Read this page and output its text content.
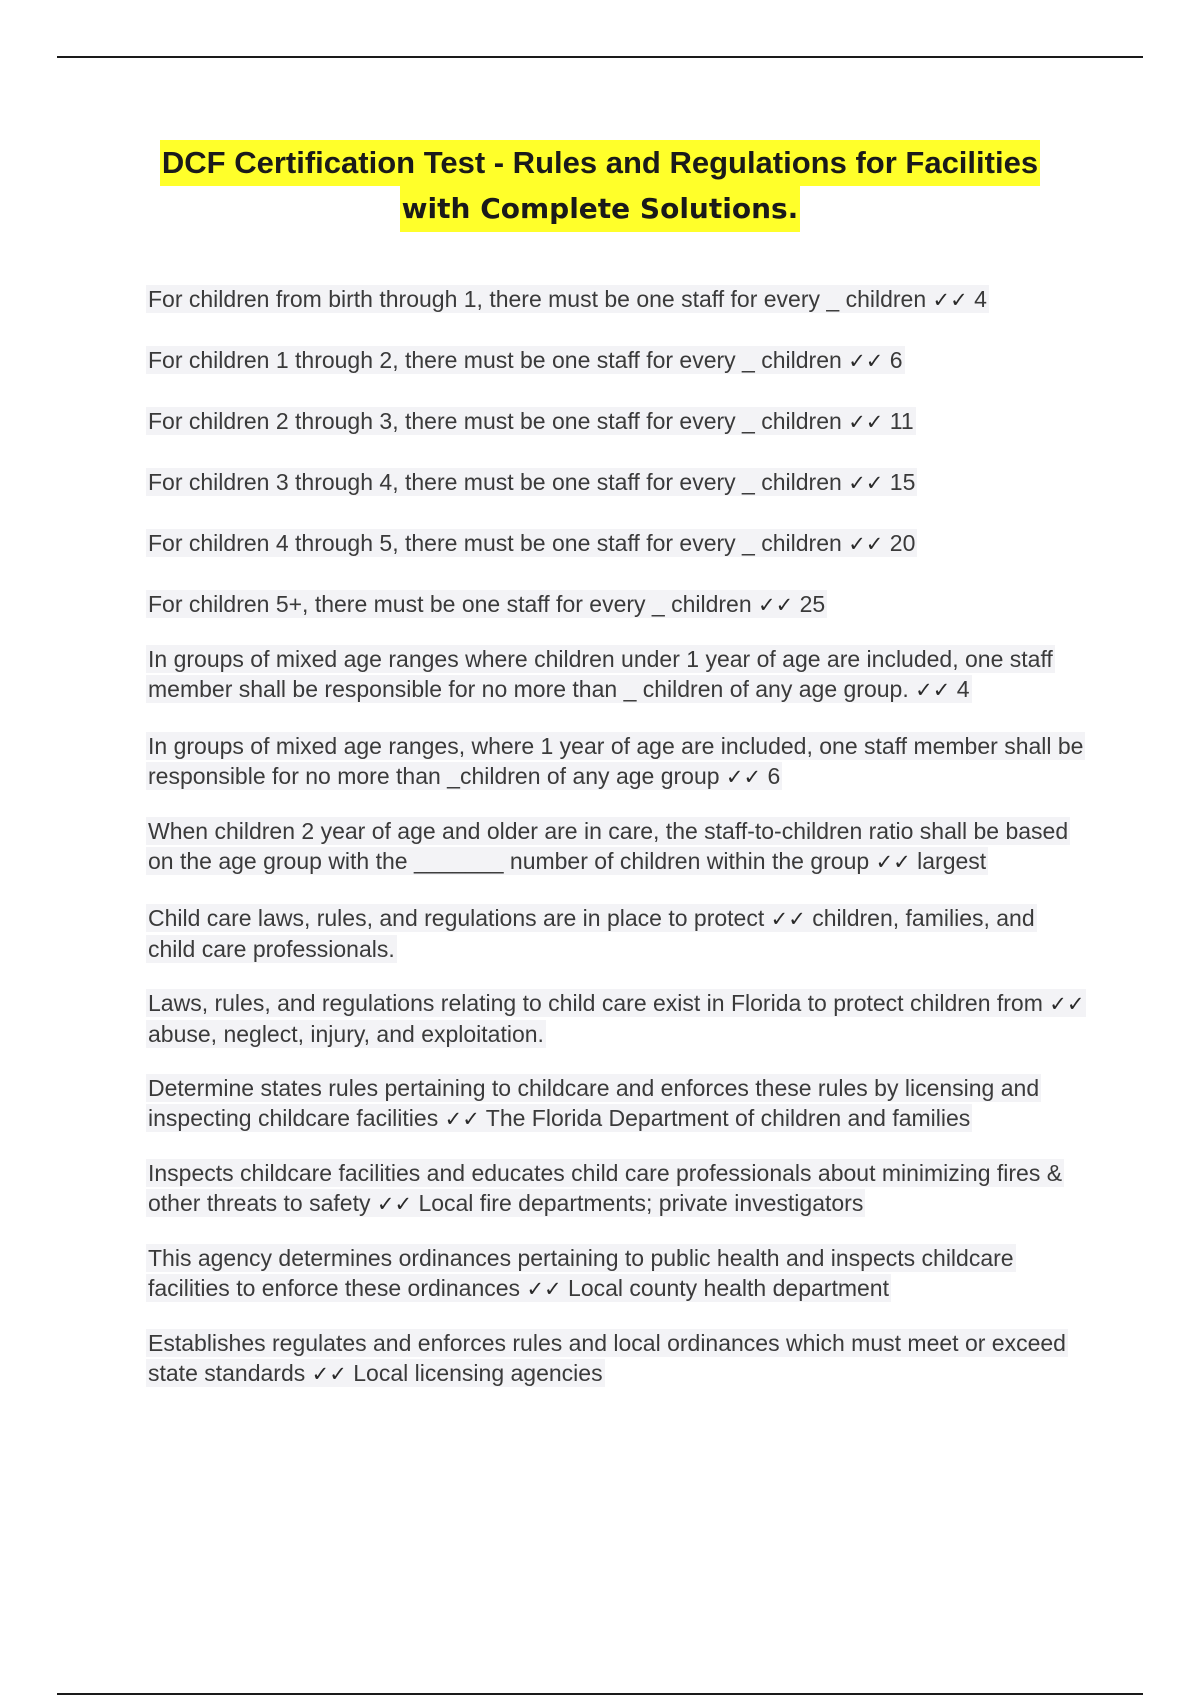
DCF Certification Test - Rules and Regulations for Facilities
with Complete Solutions.
For children from birth through 1, there must be one staff for every _ children ✓✓ 4
For children 1 through 2, there must be one staff for every _ children ✓✓ 6
For children 2 through 3, there must be one staff for every _ children ✓✓ 11
For children 3 through 4, there must be one staff for every _ children ✓✓ 15
For children 4 through 5, there must be one staff for every _ children ✓✓ 20
For children 5+, there must be one staff for every _ children ✓✓ 25
In groups of mixed age ranges where children under 1 year of age are included, one staff member shall be responsible for no more than _ children of any age group. ✓✓ 4
In groups of mixed age ranges, where 1 year of age are included, one staff member shall be responsible for no more than _children of any age group ✓✓ 6
When children 2 year of age and older are in care, the staff-to-children ratio shall be based on the age group with the _______ number of children within the group ✓✓ largest
Child care laws, rules, and regulations are in place to protect ✓✓ children, families, and child care professionals.
Laws, rules, and regulations relating to child care exist in Florida to protect children from ✓✓ abuse, neglect, injury, and exploitation.
Determine states rules pertaining to childcare and enforces these rules by licensing and inspecting childcare facilities ✓✓ The Florida Department of children and families
Inspects childcare facilities and educates child care professionals about minimizing fires & other threats to safety ✓✓ Local fire departments; private investigators
This agency determines ordinances pertaining to public health and inspects childcare facilities to enforce these ordinances ✓✓ Local county health department
Establishes regulates and enforces rules and local ordinances which must meet or exceed state standards ✓✓ Local licensing agencies
